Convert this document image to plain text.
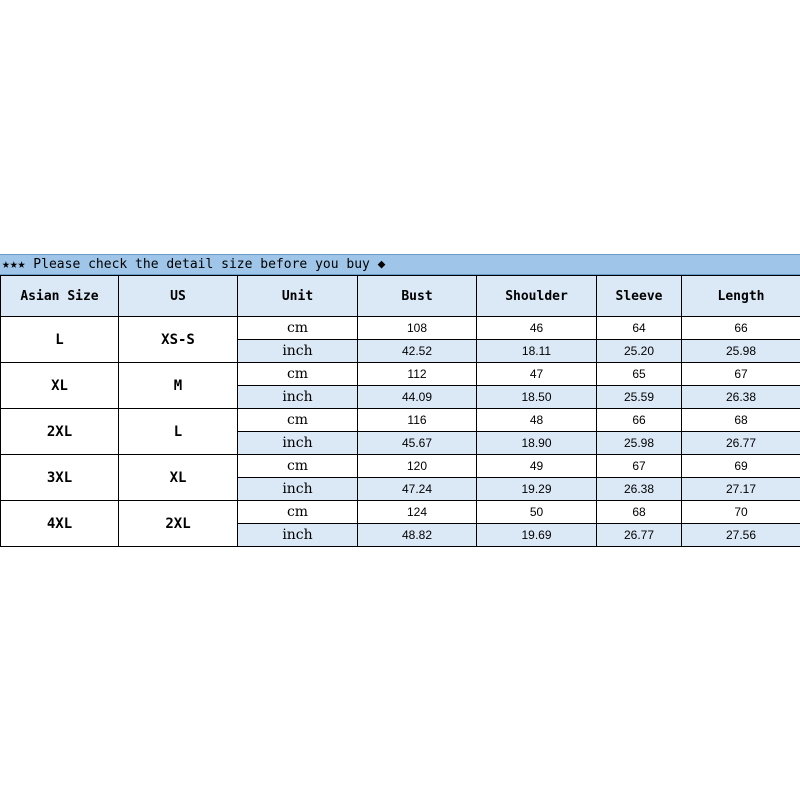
★★★ Please check the detail size before you buy ◆
Asian Size	US	Unit	Bust	Shoulder	Sleeve	Length
L	XS-S	cm	108	46	64	66
		inch	42.52	18.11	25.20	25.98
XL	M	cm	112	47	65	67
		inch	44.09	18.50	25.59	26.38
2XL	L	cm	116	48	66	68
		inch	45.67	18.90	25.98	26.77
3XL	XL	cm	120	49	67	69
		inch	47.24	19.29	26.38	27.17
4XL	2XL	cm	124	50	68	70
		inch	48.82	19.69	26.77	27.56
